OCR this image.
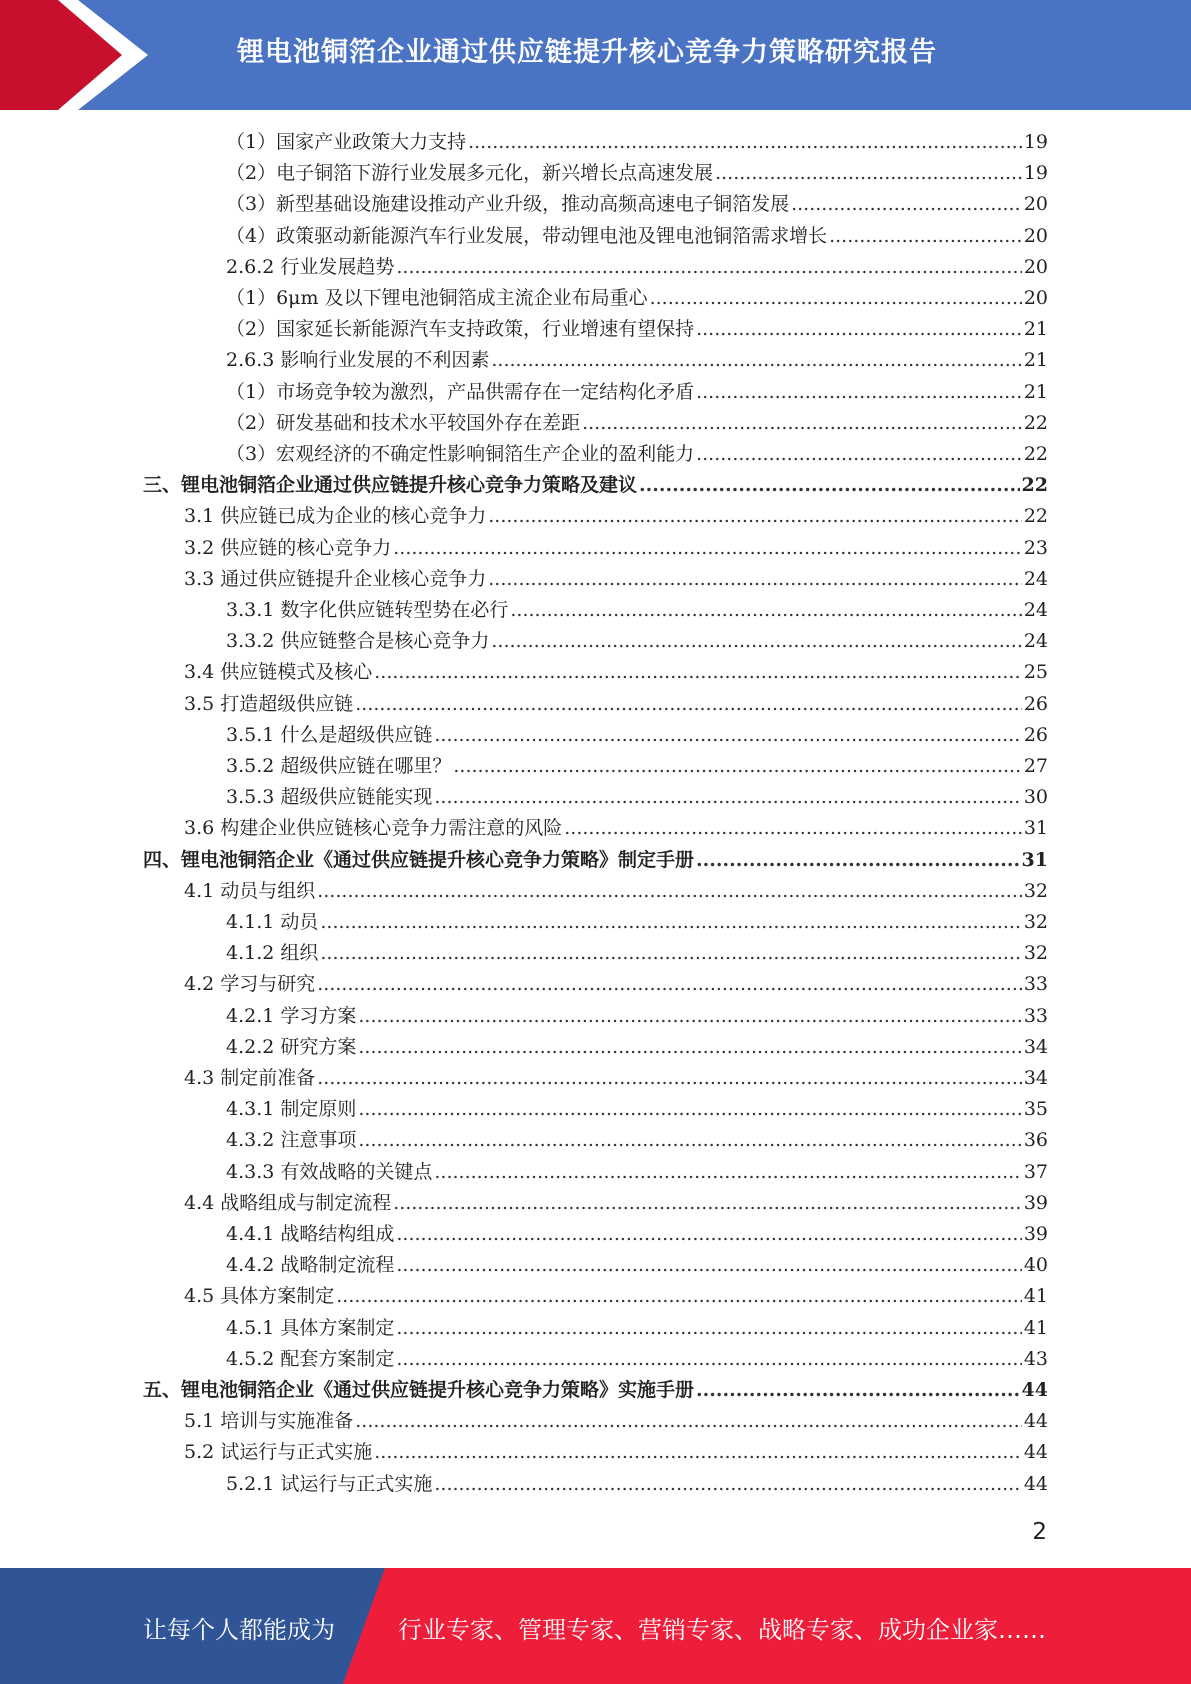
锂电池铜箔企业通过供应链提升核心竞争力策略研究报告
（1）国家产业政策大力支持 .....	19
（2）电子铜箔下游行业发展多元化，新兴增长点高速发展 .....	19
（3）新型基础设施建设推动产业升级，推动高频高速电子铜箔发展 .....	20
（4）政策驱动新能源汽车行业发展，带动锂电池及锂电池铜箔需求增长 .....	20
2.6.2 行业发展趋势 .....	20
（1）6μm 及以下锂电池铜箔成主流企业布局重心 .....	20
（2）国家延长新能源汽车支持政策，行业增速有望保持 .....	21
2.6.3 影响行业发展的不利因素 .....	21
（1）市场竞争较为激烈，产品供需存在一定结构化矛盾 .....	21
（2）研发基础和技术水平较国外存在差距 .....	22
（3）宏观经济的不确定性影响铜箔生产企业的盈利能力 .....	22
三、锂电池铜箔企业通过供应链提升核心竞争力策略及建议 .....	22
3.1 供应链已成为企业的核心竞争力 .....	22
3.2 供应链的核心竞争力 .....	23
3.3 通过供应链提升企业核心竞争力 .....	24
3.3.1 数字化供应链转型势在必行 .....	24
3.3.2 供应链整合是核心竞争力 .....	24
3.4 供应链模式及核心 .....	25
3.5 打造超级供应链 .....	26
3.5.1 什么是超级供应链 .....	26
3.5.2 超级供应链在哪里？ .....	27
3.5.3 超级供应链能实现 .....	30
3.6 构建企业供应链核心竞争力需注意的风险 .....	31
四、锂电池铜箔企业《通过供应链提升核心竞争力策略》制定手册 .....	31
4.1 动员与组织 .....	32
4.1.1 动员 .....	32
4.1.2 组织 .....	32
4.2 学习与研究 .....	33
4.2.1 学习方案 .....	33
4.2.2 研究方案 .....	34
4.3 制定前准备 .....	34
4.3.1 制定原则 .....	35
4.3.2 注意事项 .....	36
4.3.3 有效战略的关键点 .....	37
4.4 战略组成与制定流程 .....	39
4.4.1 战略结构组成 .....	39
4.4.2 战略制定流程 .....	40
4.5 具体方案制定 .....	41
4.5.1 具体方案制定 .....	41
4.5.2 配套方案制定 .....	43
五、锂电池铜箔企业《通过供应链提升核心竞争力策略》实施手册 .....	44
5.1 培训与实施准备 .....	44
5.2 试运行与正式实施 .....	44
5.2.1 试运行与正式实施 .....	44
2
让每个人都能成为	行业专家、管理专家、营销专家、战略专家、成功企业家……
